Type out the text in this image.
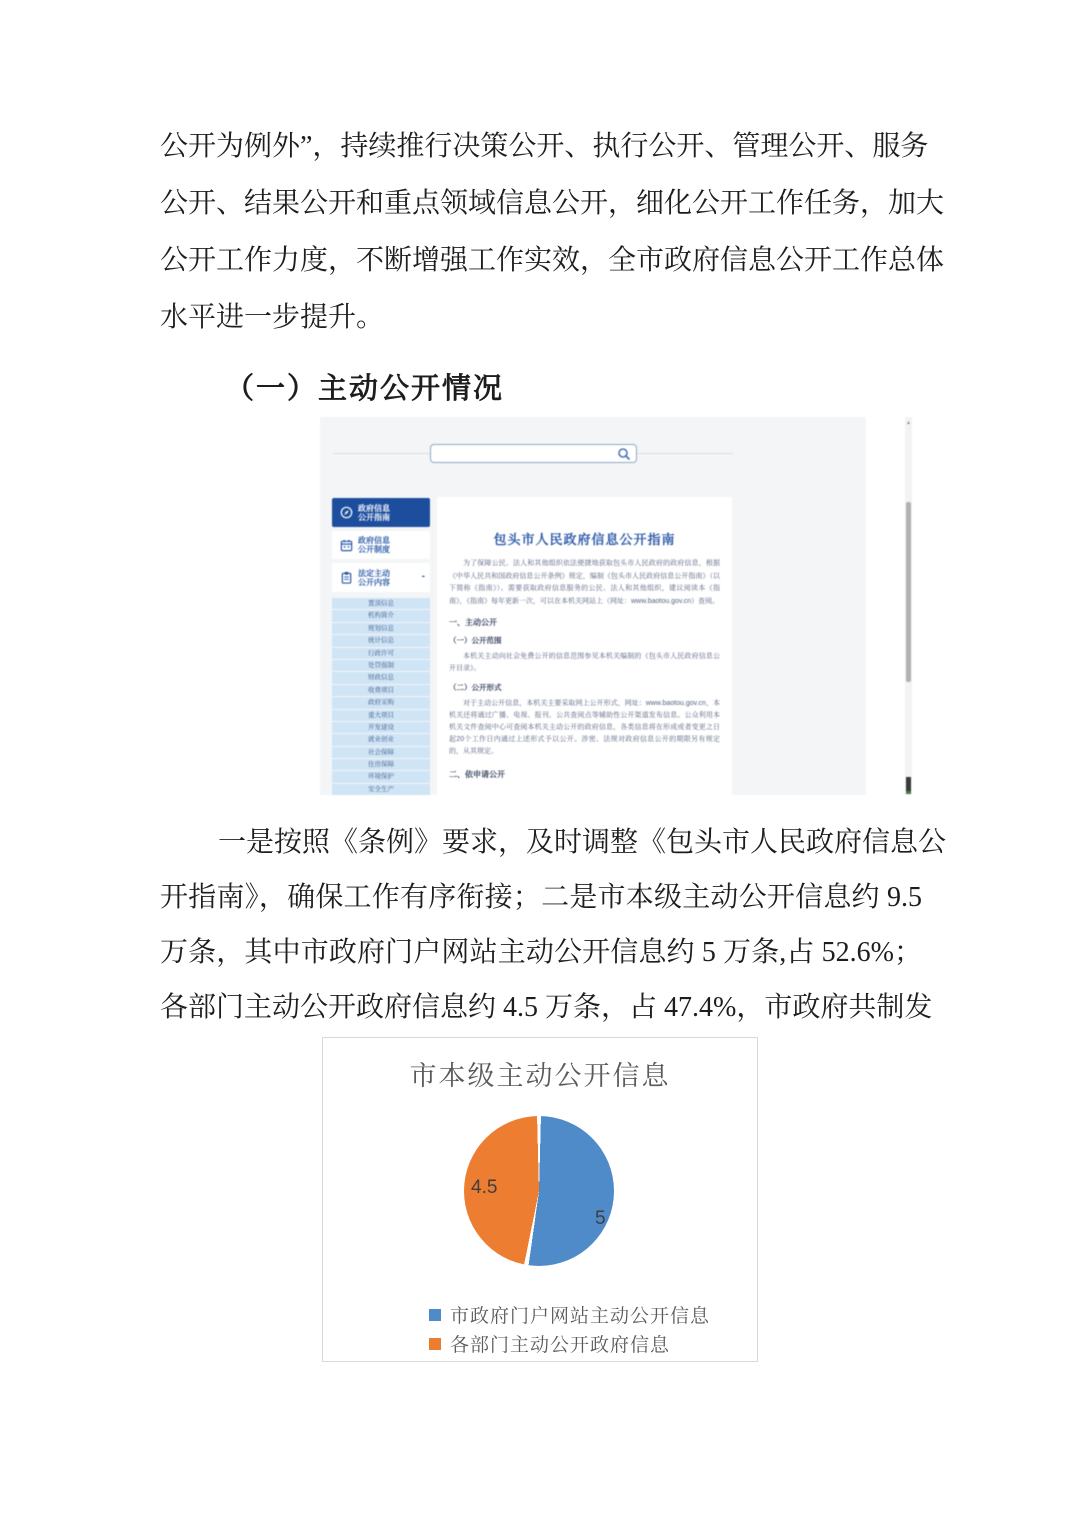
公开为例外”，持续推行决策公开、执行公开、管理公开、服务
公开、结果公开和重点领域信息公开，细化公开工作任务，加大
公开工作力度，不断增强工作实效，全市政府信息公开工作总体
水平进一步提升。
（一）主动公开情况
政府信息
公开指南
政府信息
公开制度
法定主动
公开内容	-
置顶信息
机构简介
规划信息
统计信息
行政许可
处罚强制
财政信息
收费项目
政府采购
重大项目
开发建设
就业创业
社会保障
住房保障
环境保护
安全生产
包头市人民政府信息公开指南
为了保障公民、法人和其他组织依法便捷地获取包头市人民政府的政府信息，根据《中华人民共和国政府信息公开条例》规定，编制《包头市人民政府信息公开指南》（以下简称《指南》）。需要获取政府信息服务的公民、法人和其他组织，建议阅读本《指南》，《指南》每年更新一次，可以在本机关网站上（网址：www.baotou.gov.cn）查阅。
一、主动公开
（一）公开范围
本机关主动向社会免费公开的信息范围参见本机关编制的《包头市人民政府信息公开目录》。
（二）公开形式
对于主动公开信息，本机关主要采取网上公开形式，网址：www.baotou.gov.cn，本机关还将通过广播、电视、报刊、公共查阅点等辅助性公开渠道发布信息。公众利用本机关文件查阅中心可查阅本机关主动公开的政府信息，各类信息将在形成或者变更之日起20个工作日内通过上述形式予以公开。涉密、法规对政府信息公开的期限另有规定的，从其规定。
二、依申请公开
▲
一是按照《条例》要求，及时调整《包头市人民政府信息公
开指南》，确保工作有序衔接；二是市本级主动公开信息约 9.5
万条，其中市政府门户网站主动公开信息约 5 万条,占 52.6%；
各部门主动公开政府信息约 4.5 万条，占 47.4%，市政府共制发
市本级主动公开信息
4.5
5
市政府门户网站主动公开信息
各部门主动公开政府信息
